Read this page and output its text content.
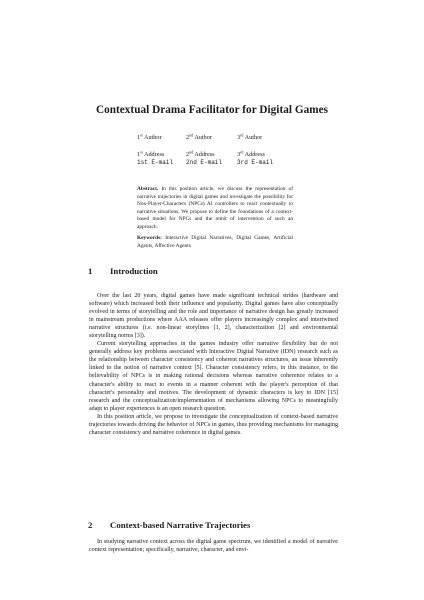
Contextual Drama Facilitator for Digital Games
1st Author
1st Address
1st E-mail
2nd Author
2nd Address
2nd E-mail
3rd Author
3rd Address
3rd E-mail
Abstract. In this position article, we discuss the representation of narrative trajectories in digital games and investigate the possibility for Non-Player-Characters (NPCs) AI controllers to react contextually to narrative situations. We propose to define the foundations of a context-based model for NPCs and the remit of intervention of such an approach.
Keywords: Interactive Digital Narratives, Digital Games, Artificial Agents, Affective Agents
1 Introduction

Over the last 20 years, digital games have made significant technical strides (hardware and software) which increased both their influence and popularity. Digital games have also conceptually evolved in terms of storytelling and the role and importance of narrative design has greatly increased in mainstream productions where AAA releases offer players increasingly complex and intertwined narrative structures (i.e. non-linear storylines [1, 2], characterization [2] and environmental storytelling norms [3]).

Current storytelling approaches in the games industry offer narrative flexibility but do not generally address key problems associated with Interactive Digital Narrative (IDN) research such as the relationship between character consistency and coherent narratives structures, an issue inherently linked to the notion of narrative context [5]. Character consistency refers, in this instance, to the believability of NPCs is in making rational decisions whereas narrative coherence relates to a character's ability to react to events in a manner coherent with the player's perception of that character's personality and motives. The development of dynamic characters is key to IDN [15] research and the conceptualization/implementation of mechanisms allowing NPCs to meaningfully adapt to player experiences is an open research question.

In this position article, we propose to investigate the conceptualization of context-based narrative trajectories towards driving the behavior of NPCs in games, thus providing mechanisms for managing character consistency and narrative coherence in digital games.

2 Context-based Narrative Trajectories

In studying narrative context across the digital game spectrum, we identified a model of narrative context representation; specifically, narrative, character, and envi-
